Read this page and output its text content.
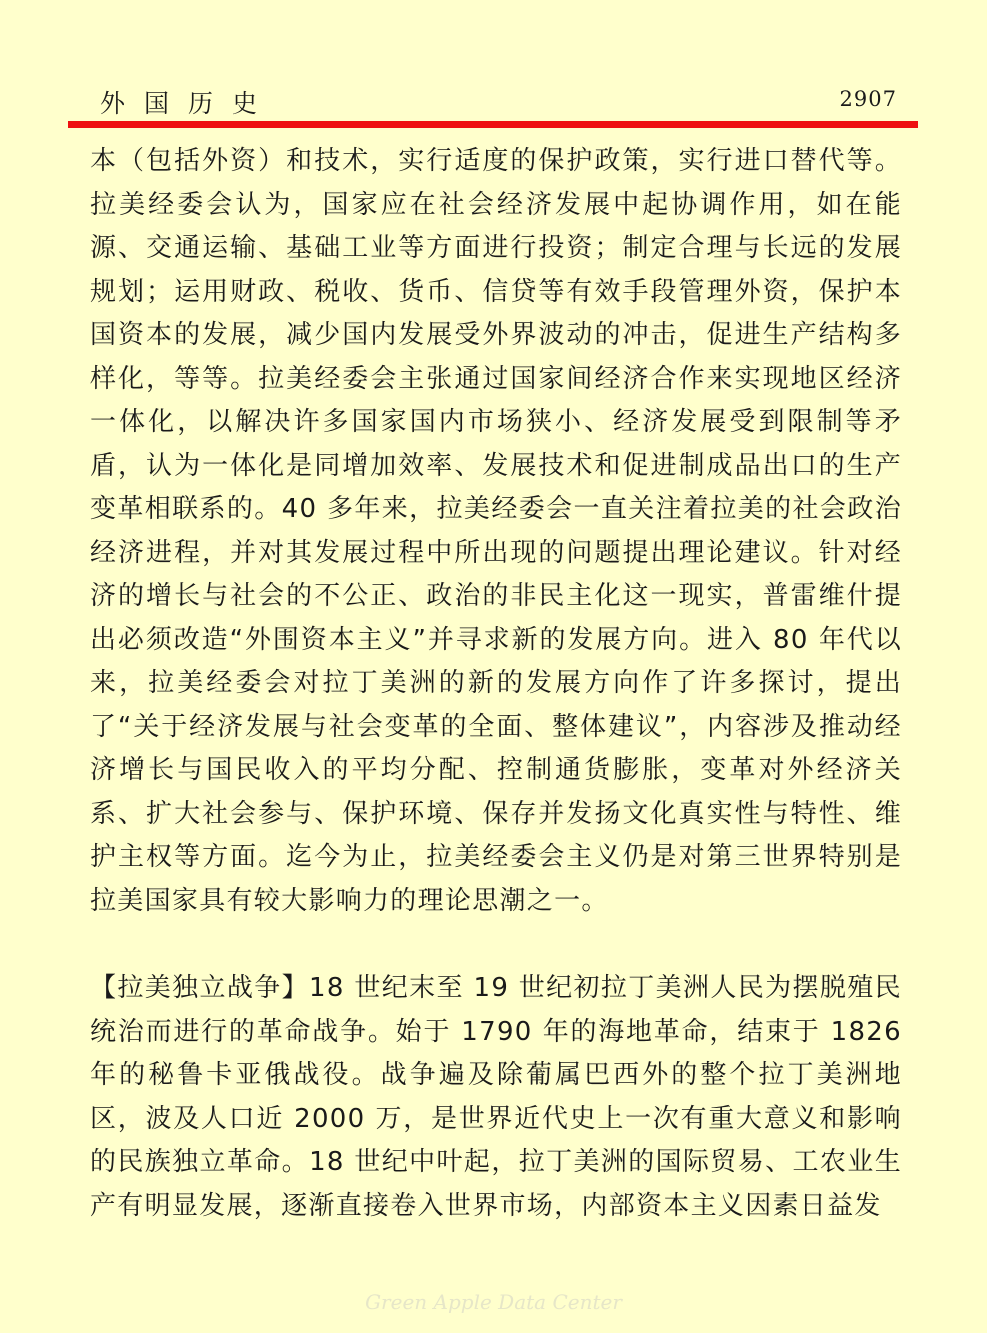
外国历史	2907

本（包括外资）和技术，实行适度的保护政策，实行进口替代等。拉美经委会认为，国家应在社会经济发展中起协调作用，如在能源、交通运输、基础工业等方面进行投资；制定合理与长远的发展规划；运用财政、税收、货币、信贷等有效手段管理外资，保护本国资本的发展，减少国内发展受外界波动的冲击，促进生产结构多样化，等等。拉美经委会主张通过国家间经济合作来实现地区经济一体化，以解决许多国家国内市场狭小、经济发展受到限制等矛盾，认为一体化是同增加效率、发展技术和促进制成品出口的生产变革相联系的。40 多年来，拉美经委会一直关注着拉美的社会政治经济进程，并对其发展过程中所出现的问题提出理论建议。针对经济的增长与社会的不公正、政治的非民主化这一现实，普雷维什提出必须改造“外围资本主义”并寻求新的发展方向。进入 80 年代以来，拉美经委会对拉丁美洲的新的发展方向作了许多探讨，提出了“关于经济发展与社会变革的全面、整体建议”，内容涉及推动经济增长与国民收入的平均分配、控制通货膨胀，变革对外经济关系、扩大社会参与、保护环境、保存并发扬文化真实性与特性、维护主权等方面。迄今为止，拉美经委会主义仍是对第三世界特别是拉美国家具有较大影响力的理论思潮之一。

【拉美独立战争】18 世纪末至 19 世纪初拉丁美洲人民为摆脱殖民统治而进行的革命战争。始于 1790 年的海地革命，结束于 1826 年的秘鲁卡亚俄战役。战争遍及除葡属巴西外的整个拉丁美洲地区，波及人口近 2000 万，是世界近代史上一次有重大意义和影响的民族独立革命。18 世纪中叶起，拉丁美洲的国际贸易、工农业生产有明显发展，逐渐直接卷入世界市场，内部资本主义因素日益发

Green Apple Data Center
